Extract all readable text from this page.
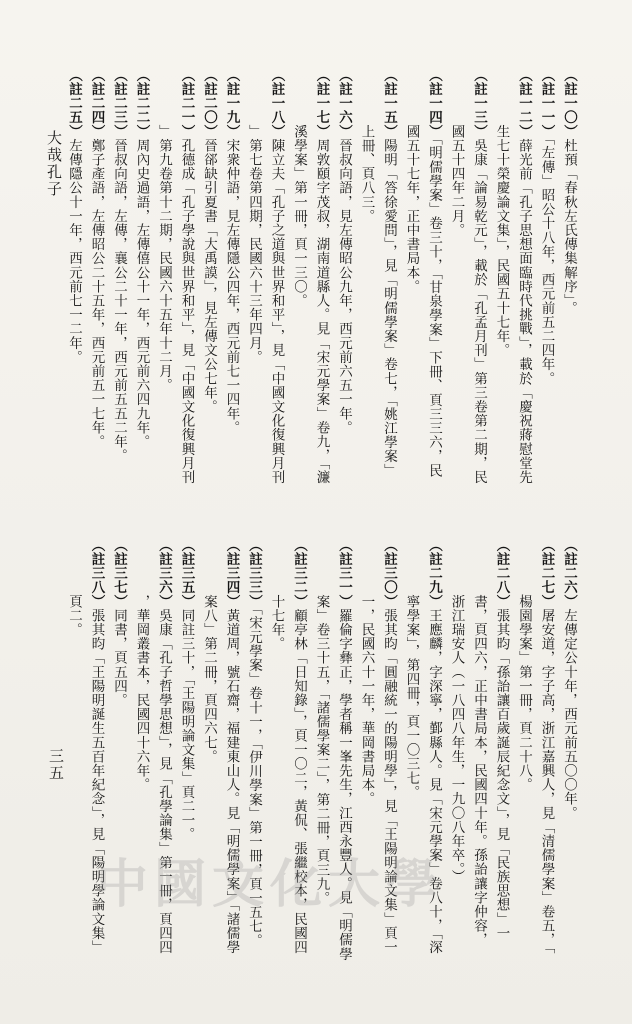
（註一〇）杜預「春秋左氏傳集解序」。
（註一一）「左傳」昭公十八年，西元前五二四年。
（註一二）薛光前「孔子思想面臨時代挑戰」，載於「慶祝蔣慰堂先
　　　　生七十榮慶論文集」，民國五十七年。
（註一三）吳康「論易乾元」，載於「孔孟月刊」第三卷第二期，民
　　　　國五十四年二月。
（註一四）「明儒學案」卷三十，「甘泉學案」下冊、頁三三六，民
　　　　國五十七年，正中書局本。
（註一五）陽明「答徐愛問」，見「明儒學案」卷七，「姚江學案」
　　　　上冊、頁八三。
（註一六）晉叔向語，見左傳昭公九年，西元前六五一年。
（註一七）周敦頤字茂叔，湖南道縣人。見「宋元學案」卷九，「濂
　　　　溪學案」第一冊，頁一三〇。
（註一八）陳立夫「孔子之道與世界和平」，見「中國文化復興月刊
　　　　」第七卷第四期，民國六十三年四月。
（註一九）宋衆仲語，見左傳隱公四年，西元前七一四年。
（註二〇）晉郤缺引夏書「大禹謨」，見左傳文公七年。
（註二一）孔德成「孔子學說與世界和平」，見「中國文化復興月刊
　　　　」第九卷第十二期，民國六十五年十二月。
（註二二）周內史過語，左傳僖公十一年，西元前六四九年。
（註二三）晉叔向語，左傳，襄公二十一年，西元前五五二年。
（註二四）鄭子產語，左傳昭公二十五年，西元前五一七年。
（註二五）左傳隱公十一年，西元前七一二年。
（註二六）左傳定公十年，西元前五〇〇年。
（註二七）屠安道，字子高，浙江嘉興人，見「清儒學案」卷五，「
　　　　楊園學案」第一冊，頁二十八。
（註二八）張其昀「孫詒讓百歲誕辰紀念文」，見「民族思想」一
　　　　書，頁四六，正中書局本，民國四十年。孫詒讓字仲容，
　　　　浙江瑞安人（一八四八年生，一九〇八年卒。）
（註二九）王應麟，字深寧，鄞縣人。見「宋元學案」卷八十，「深
　　　　寧學案」，第四冊，頁一〇三七。
（註三〇）張其昀「圓融統一的陽明學」，見「王陽明論文集」頁一
　　　　一，民國六十一年，華岡書局本。
（註三一）羅倫字彝正，學者稱一峯先生，江西永豐人。見「明儒學
　　　　案」卷三十五，「諸儒學案二」，第二冊，頁三九。
（註三二）顧亭林「日知錄」，頁一〇二，黃侃、張繼校本，民國四
　　　　十七年。
（註三三）「宋元學案」卷十一，「伊川學案」第一冊，頁一五七。
（註三四）黃道周，號石齋，福建東山人。見「明儒學案」「諸儒學
　　　　案八」第二冊，頁四六七。
（註三五）同註三十，「王陽明論文集」頁二一。
（註三六）吳康「孔子哲學思想」，見「孔學論集」第一冊，頁四四
　　　　，華岡叢書本，民國四十六年。
（註三七）同書，頁五四。
（註三八）張其昀「王陽明誕生五百年紀念」，見「陽明學論文集」
　　　　頁二。
大哉孔子
三五
中國文化大學
